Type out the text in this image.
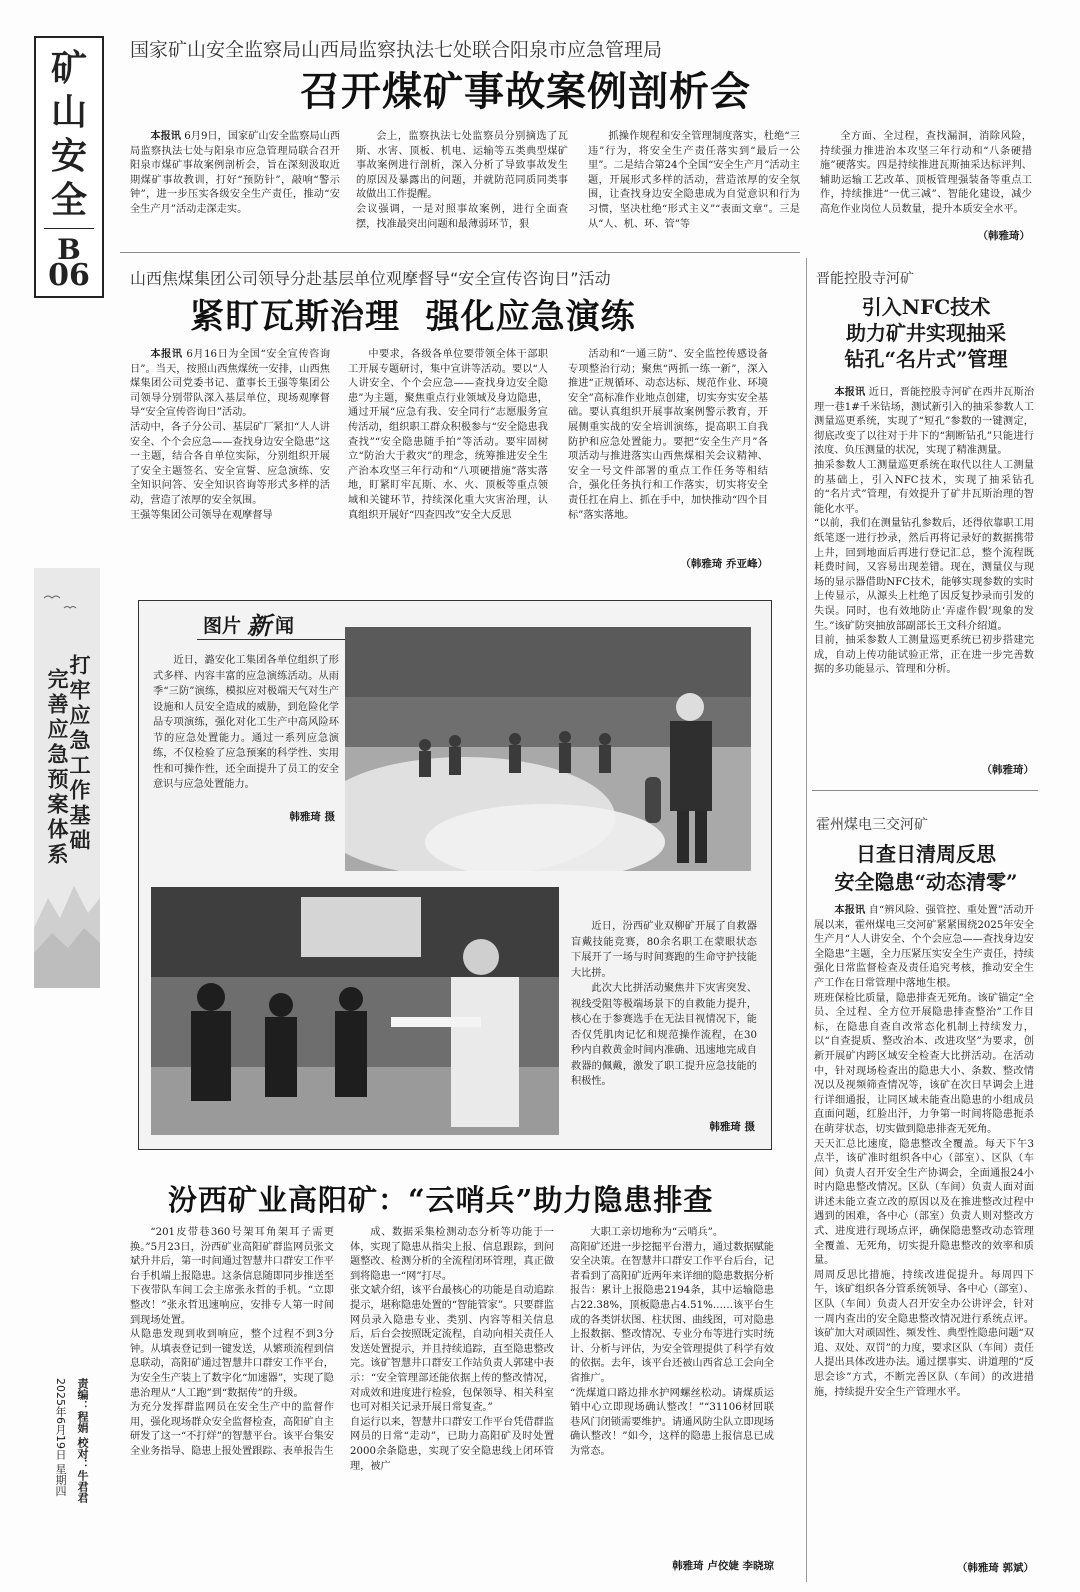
矿
山
安
全
B
06
国家矿山安全监察局山西局监察执法七处联合阳泉市应急管理局
召开煤矿事故案例剖析会

本报讯 6月9日，国家矿山安全监察局山西局监察执法七处与阳泉市应急管理局联合召开阳泉市煤矿事故案例剖析会，旨在深刻汲取近期煤矿事故教训，打好“预防针”，敲响“警示钟”，进一步压实各级安全生产责任，推动“安全生产月”活动走深走实。

会上，监察执法七处监察员分别摘选了瓦斯、水害、顶板、机电、运输等五类典型煤矿事故案例进行剖析，深入分析了导致事故发生的原因及暴露出的问题，并就防范同质同类事故做出工作提醒。
会议强调，一是对照事故案例，进行全面查摆，找准最突出问题和最薄弱环节，狠

抓操作规程和安全管理制度落实，杜绝“三违”行为，将安全生产责任落实到“最后一公里”。二是结合第24个全国“安全生产月”活动主题，开展形式多样的活动，营造浓厚的安全氛围，让查找身边安全隐患成为自觉意识和行为习惯，坚决杜绝“形式主义”“表面文章”。三是从“人、机、环、管”等

全方面、全过程，查找漏洞，消除风险，持续强力推进治本攻坚三年行动和“八条硬措施”硬落实。四是持续推进瓦斯抽采达标评判、辅助运输工艺改革、顶板管理强装备等重点工作，持续推进“一优三减”、智能化建设，减少高危作业岗位人员数量，提升本质安全水平。

（韩雅琦）
山西焦煤集团公司领导分赴基层单位观摩督导“安全宣传咨询日”活动
紧盯瓦斯治理  强化应急演练

本报讯 6月16日为全国“安全宣传咨询日”。当天，按照山西焦煤统一安排，山西焦煤集团公司党委书记、董事长王强等集团公司领导分别带队深入基层单位，现场观摩督导“安全宣传咨询日”活动。
活动中，各子分公司、基层矿厂紧扣“人人讲安全、个个会应急——查找身边安全隐患”这一主题，结合各自单位实际，分别组织开展了安全主题签名、安全宣誓、应急演练、安全知识问答、安全知识咨询等形式多样的活动，营造了浓厚的安全氛围。
王强等集团公司领导在观摩督导

中要求，各级各单位要带领全体干部职工开展专题研讨，集中宣讲等活动。要以“人人讲安全、个个会应急——查找身边安全隐患”为主题，聚焦重点行业领域及身边隐患，通过开展“应急有我、安全同行”志愿服务宣传活动，组织职工群众积极参与“安全隐患我查找”“安全隐患随手拍”等活动。要牢固树立“防治大于救灾”的理念，统筹推进安全生产治本攻坚三年行动和“八项硬措施”落实落地，盯紧盯牢瓦斯、水、火、顶板等重点领域和关键环节，持续深化重大灾害治理，认真组织开展好“四查四改”安全大反思

活动和“一通三防”、安全监控传感设备专项整治行动；聚焦“两抓一练一新”，深入推进“正规循环、动态达标、规范作业、环境安全”高标准作业地点创建，切实夯实安全基础。要认真组织开展事故案例警示教育，开展侧重实战的安全培训演练，提高职工自我防护和应急处置能力。要把“安全生产月”各项活动与推进落实山西焦煤相关会议精神、安全一号文件部署的重点工作任务等相结合，强化任务执行和工作落实，切实将安全责任扛在肩上、抓在手中，加快推动“四个目标”落实落地。

（韩雅琦 乔亚峰）
打牢应急工作基础
完善应急预案体系
图片 新 闻

近日，潞安化工集团各单位组织了形式多样、内容丰富的应急演练活动。从雨季“三防”演练，模拟应对极端天气对生产设施和人员安全造成的威胁，到危险化学品专项演练，强化对化工生产中高风险环节的应急处置能力。通过一系列应急演练，不仅检验了应急预案的科学性、实用性和可操作性，还全面提升了员工的安全意识与应急处置能力。

韩雅琦 摄

近日，汾西矿业双柳矿开展了自救器盲戴技能竞赛，80余名职工在蒙眼状态下展开了一场与时间赛跑的生命守护技能大比拼。

此次大比拼活动聚焦井下灾害突发、视线受阻等极端场景下的自救能力提升，核心在于参赛选手在无法目视情况下，能否仅凭肌肉记忆和规范操作流程，在30秒内自救黄金时间内准确、迅速地完成自救器的佩戴，激发了职工提升应急技能的积极性。

韩雅琦 摄
汾西矿业高阳矿：“云哨兵”助力隐患排查

“201皮带巷360号架耳角架耳子需更换。”5月23日，汾西矿业高阳矿群监网员张文斌升井后，第一时间通过智慧井口群安工作平台手机端上报隐患。这条信息随即同步推送至下夜带队车间工会主席张永哲的手机。“立即整改！”张永哲迅速响应，安排专人第一时间到现场处置。
从隐患发现到收到响应，整个过程不到3分钟。从填表登记到一键发送，从繁琐流程到信息联动，高阳矿通过智慧井口群安工作平台，为安全生产装上了数字化“加速器”，实现了隐患治理从“人工跑”到“数据传”的升级。
为充分发挥群监网员在安全生产中的监督作用，强化现场群众安全监督检查，高阳矿自主研发了这一“不打烊”的智慧平台。该平台集安全业务指导、隐患上报处置跟踪、表单报告生

成、数据采集检测动态分析等功能于一体，实现了隐患从指尖上报、信息跟踪，到问题整改、检测分析的全流程闭环管理，真正做到将隐患一“网”打尽。
张文斌介绍，该平台最核心的功能是自动追踪提示，堪称隐患处置的“智能管家”。只要群监网员录入隐患专业、类别、内容等相关信息后，后台会按照既定流程，自动向相关责任人发送处置提示，并且持续追踪，直至隐患整改完。该矿智慧井口群安工作站负责人郭建中表示：“安全管理部还能依据上传的整改情况，对成效和进度进行检验，包保领导、相关科室也可对相关记录开展日常复查。”
自运行以来，智慧井口群安工作平台凭借群监网员的日常“走动”，已助力高阳矿及时处置2000余条隐患，实现了安全隐患线上闭环管理，被广

大职工亲切地称为“云哨兵”。
高阳矿还进一步挖掘平台潜力，通过数据赋能安全决策。在智慧井口群安工作平台后台，记者看到了高阳矿近两年来详细的隐患数据分析报告：累计上报隐患2194条，其中运输隐患占22.38%，顶板隐患占4.51%……该平台生成的各类饼状图、柱状图、曲线图，可对隐患上报数据、整改情况、专业分布等进行实时统计、分析与评估，为安全管理提供了科学有效的依据。去年，该平台还被山西省总工会向全省推广。
“洗煤道口路边排水护网螺丝松动。请煤质运销中心立即现场确认整改！”“31106材回联巷风门闭锁需要维护。请通风防尘队立即现场确认整改！”如今，这样的隐患上报信息已成为常态。

韩雅琦 卢佼婕 李晓琼
2025年6月19日 星期四 责编：程娟 校对：牛君君
晋能控股寺河矿
引入NFC技术
助力矿井实现抽采
钻孔“名片式”管理

本报讯 近日，晋能控股寺河矿在西井瓦斯治理一巷1#千米钻场，测试新引入的抽采参数人工测量巡更系统，实现了“短孔”参数的一键测定，彻底改变了以往对于井下的“割断钻孔”只能进行浓度、负压测量的状况，实现了精准测量。
抽采参数人工测量巡更系统在取代以往人工测量的基础上，引入NFC技术，实现了抽采钻孔的“名片式”管理，有效提升了矿井瓦斯治理的智能化水平。
“以前，我们在测量钻孔参数后，还得依靠职工用纸笔逐一进行抄录，然后再将记录好的数据携带上井，回到地面后再进行登记汇总，整个流程既耗费时间，又容易出现差错。现在，测量仪与现场的显示器借助NFC技术，能够实现参数的实时上传显示，从源头上杜绝了因反复抄录而引发的失误。同时，也有效地防止‘弄虚作假’现象的发生。”该矿防突抽放部副部长王文科介绍道。
目前，抽采参数人工测量巡更系统已初步搭建完成，自动上传功能试验正常，正在进一步完善数据的多功能显示、管理和分析。

（韩雅琦）
霍州煤电三交河矿
日查日清周反思
安全隐患“动态清零”

本报讯 自“辨风险、强管控、重处置”活动开展以来，霍州煤电三交河矿紧紧围绕2025年安全生产月“人人讲安全、个个会应急——查找身边安全隐患”主题，全力压紧压实安全生产责任，持续强化日常监督检查及责任追究考核，推动安全生产工作在日常管理中落地生根。
班班保检比质量，隐患排查无死角。该矿锚定“全员、全过程、全方位开展隐患排查整治”工作目标，在隐患自查自改常态化机制上持续发力，以“自查提质、整改治本、改进攻坚”为要求，创新开展矿内跨区域安全检查大比拼活动。在活动中，针对现场检查出的隐患大小、条数、整改情况以及视频筛查情况等，该矿在次日早调会上进行详细通报，让同区域未能查出隐患的小组成员直面问题，红脸出汗，力争第一时间将隐患扼杀在萌芽状态，切实做到隐患排查无死角。
天天汇总比速度，隐患整改全覆盖。每天下午3点半，该矿准时组织各中心（部室）、区队（车间）负责人召开安全生产协调会，全面通报24小时内隐患整改情况。区队（车间）负责人面对面讲述未能立查立改的原因以及在推进整改过程中遇到的困难，各中心（部室）负责人则对整改方式、进度进行现场点评，确保隐患整改动态管理全覆盖、无死角，切实提升隐患整改的效率和质量。
周周反思比措施，持续改进促提升。每周四下午，该矿组织各分管系统领导、各中心（部室）、区队（车间）负责人召开安全办公讲评会，针对一周内查出的安全隐患整改情况进行系统点评。该矿加大对顽固性、频发性、典型性隐患问题“双追、双处、双罚”的力度，要求区队（车间）责任人提出具体改进办法。通过摆事实、讲道理的“反思会诊”方式，不断完善区队（车间）的改进措施，持续提升安全生产管理水平。

（韩雅琦 郭斌）
